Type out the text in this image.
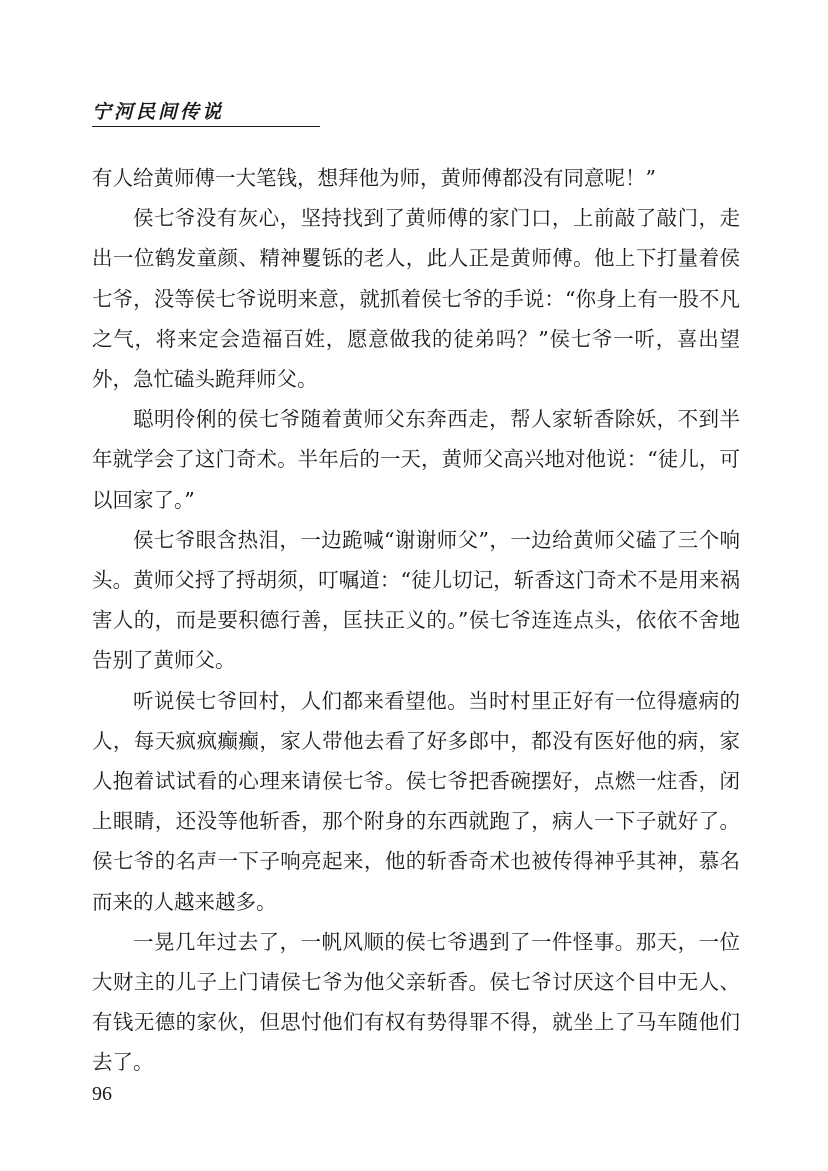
宁河民间传说

有人给黄师傅一大笔钱，想拜他为师，黄师傅都没有同意呢！”

侯七爷没有灰心，坚持找到了黄师傅的家门口，上前敲了敲门，走出一位鹤发童颜、精神矍铄的老人，此人正是黄师傅。他上下打量着侯七爷，没等侯七爷说明来意，就抓着侯七爷的手说：“你身上有一股不凡之气，将来定会造福百姓，愿意做我的徒弟吗？”侯七爷一听，喜出望外，急忙磕头跪拜师父。

聪明伶俐的侯七爷随着黄师父东奔西走，帮人家斩香除妖，不到半年就学会了这门奇术。半年后的一天，黄师父高兴地对他说：“徒儿，可以回家了。”

侯七爷眼含热泪，一边跪喊“谢谢师父”，一边给黄师父磕了三个响头。黄师父捋了捋胡须，叮嘱道：“徒儿切记，斩香这门奇术不是用来祸害人的，而是要积德行善，匡扶正义的。”侯七爷连连点头，依依不舍地告别了黄师父。

听说侯七爷回村，人们都来看望他。当时村里正好有一位得癔病的人，每天疯疯癫癫，家人带他去看了好多郎中，都没有医好他的病，家人抱着试试看的心理来请侯七爷。侯七爷把香碗摆好，点燃一炷香，闭上眼睛，还没等他斩香，那个附身的东西就跑了，病人一下子就好了。侯七爷的名声一下子响亮起来，他的斩香奇术也被传得神乎其神，慕名而来的人越来越多。

一晃几年过去了，一帆风顺的侯七爷遇到了一件怪事。那天，一位大财主的儿子上门请侯七爷为他父亲斩香。侯七爷讨厌这个目中无人、有钱无德的家伙，但思忖他们有权有势得罪不得，就坐上了马车随他们去了。

96
